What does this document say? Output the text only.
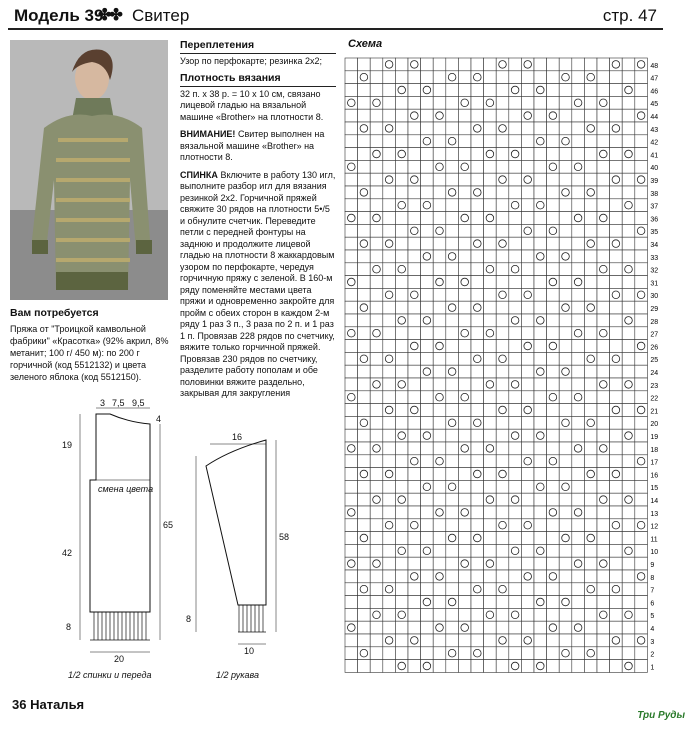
Модель 39
✤✤ Свитер	стр. 47
Вам потребуется

Пряжа от "Троицкой камвольной фабрики" «Красотка» (92% акрил, 8% метанит; 100 г/ 450 м): по 200 г горчичной (код 5512132) и цвета зеленого яблока (код 5512150).

Переплетения

Узор по перфокарте; резинка 2х2;

Плотность вязания

32 п. х 38 р. = 10 х 10 см, связано лицевой гладью на вязальной машине «Brother» на плотности 8.

ВНИМАНИЕ! Свитер выполнен на вязальной машине «Brother» на плотности 8.

СПИНКА Включите в работу 130 игл, выполните разбор игл для вязания резинкой 2х2. Горчичной пряжей свяжите 30 рядов на плотности 5•/5 и обнулите счетчик. Переведите петли с передней фонтуры на заднюю и продолжите лицевой гладью на плотности 8 жаккардовым узором по перфокарте, чередуя горчичную пряжу с зеленой. В 160-м ряду поменяйте местами цвета пряжи и одновременно закройте для пройм с обеих сторон в каждом 2-м ряду 1 раз 3 п., 3 раза по 2 п. и 1 раз 1 п. Провязав 228 рядов по счетчику, вяжите только горчичной пряжей. Провязав 230 рядов по счетчику, разделите работу пополам и обе половинки вяжите раздельно, закрывая для закругления

Схема
48
47
46
45
44
43
42
41
40
39
38
37
36
35
34
33
32
31
30
29
28
27
26
25
24
23
22
21
20
19
18
17
16
15
14
13
12
11
10
9
8
7
6
5
4
3
2
1
3 7,5 9,5
4
19
65
42
8
20
смена цвета
1/2 спинки и переда
16
58
8
10
1/2 рукава
36 Наталья
Три Руды
